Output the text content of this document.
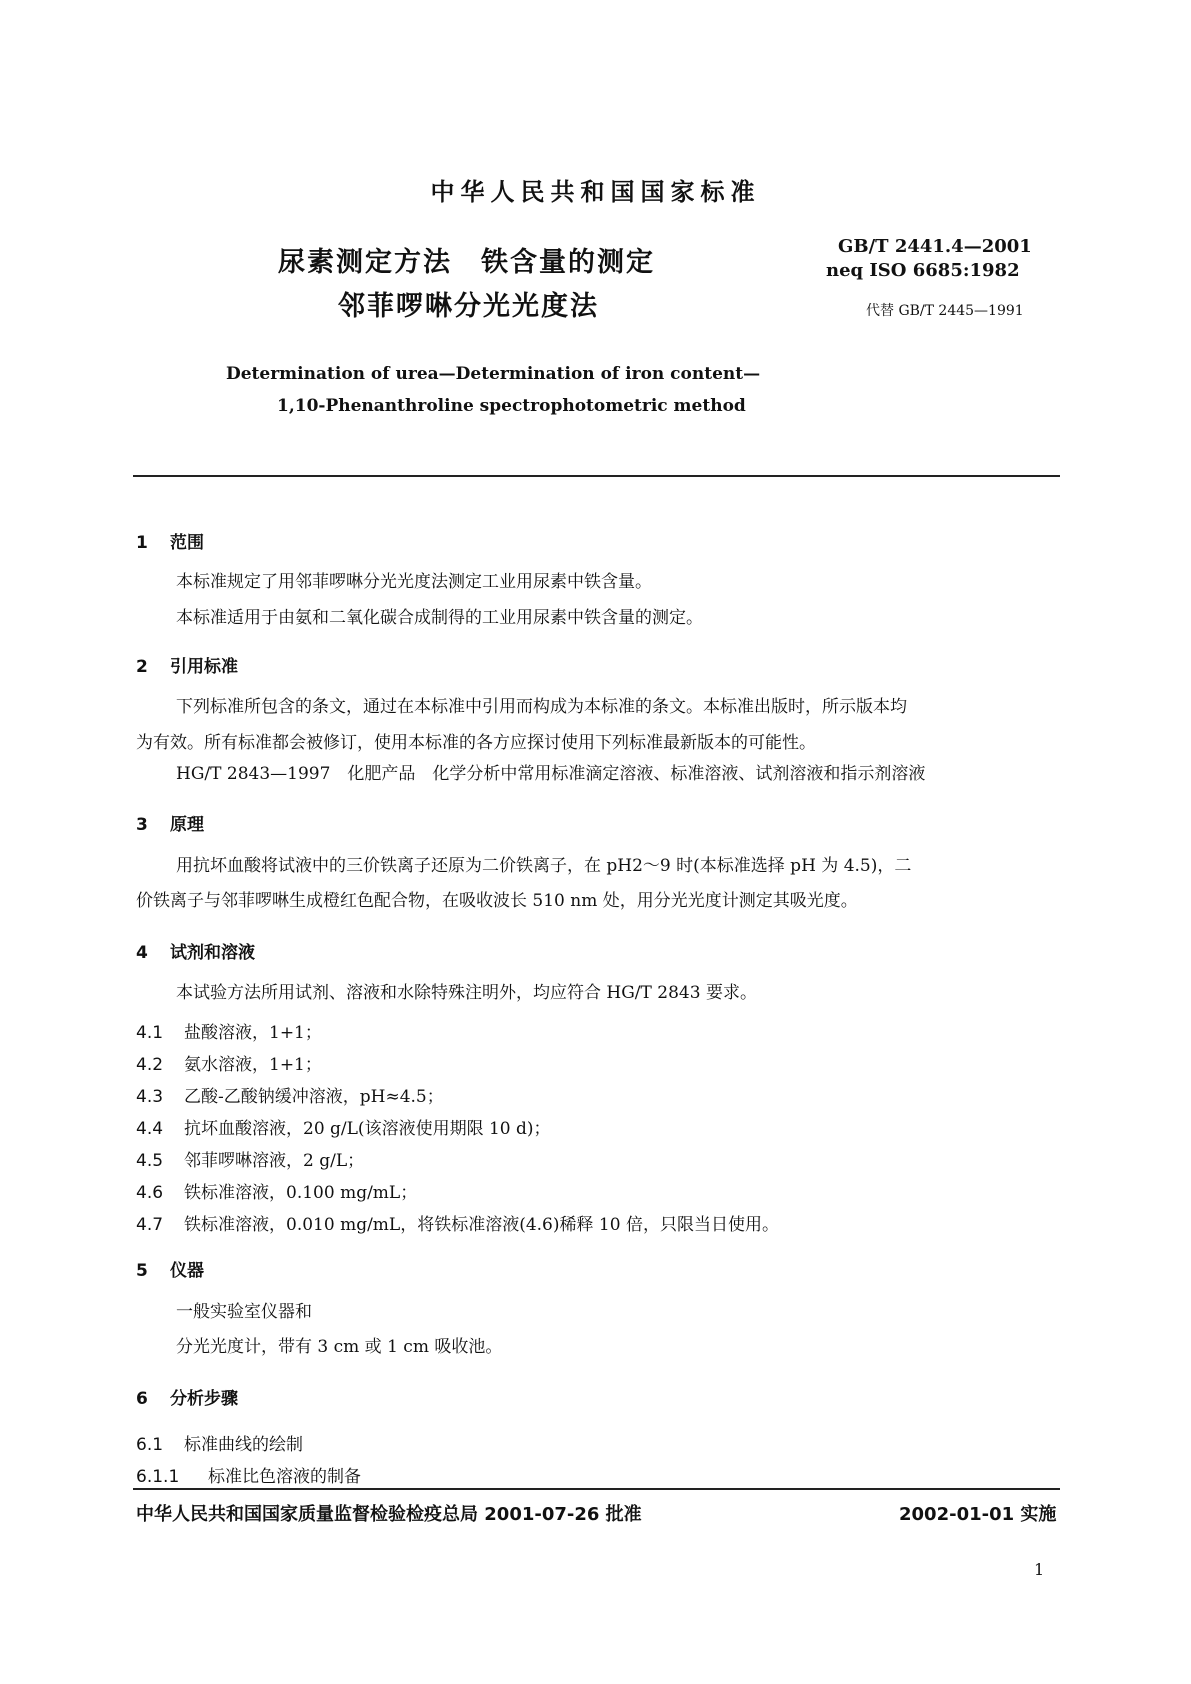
中华人民共和国国家标准
尿素测定方法　铁含量的测定
邻菲啰啉分光光度法
GB/T 2441.4—2001
neq ISO 6685:1982
代替 GB/T 2445—1991
Determination of urea—Determination of iron content—
1,10-Phenanthroline spectrophotometric method
1 范围
本标准规定了用邻菲啰啉分光光度法测定工业用尿素中铁含量。
本标准适用于由氨和二氧化碳合成制得的工业用尿素中铁含量的测定。
2 引用标准
下列标准所包含的条文，通过在本标准中引用而构成为本标准的条文。本标准出版时，所示版本均
为有效。所有标准都会被修订，使用本标准的各方应探讨使用下列标准最新版本的可能性。
HG/T 2843—1997　化肥产品　化学分析中常用标准滴定溶液、标准溶液、试剂溶液和指示剂溶液
3 原理
用抗坏血酸将试液中的三价铁离子还原为二价铁离子，在 pH2～9 时(本标准选择 pH 为 4.5)，二
价铁离子与邻菲啰啉生成橙红色配合物，在吸收波长 510 nm 处，用分光光度计测定其吸光度。
4 试剂和溶液
本试验方法所用试剂、溶液和水除特殊注明外，均应符合 HG/T 2843 要求。
4.1 盐酸溶液，1+1；
4.2 氨水溶液，1+1；
4.3 乙酸-乙酸钠缓冲溶液，pH≈4.5；
4.4 抗坏血酸溶液，20 g/L(该溶液使用期限 10 d)；
4.5 邻菲啰啉溶液，2 g/L；
4.6 铁标准溶液，0.100 mg/mL；
4.7 铁标准溶液，0.010 mg/mL，将铁标准溶液(4.6)稀释 10 倍，只限当日使用。
5 仪器
一般实验室仪器和
分光光度计，带有 3 cm 或 1 cm 吸收池。
6 分析步骤
6.1 标准曲线的绘制
6.1.1 标准比色溶液的制备
中华人民共和国国家质量监督检验检疫总局 2001-07-26 批准	2002-01-01 实施
1
